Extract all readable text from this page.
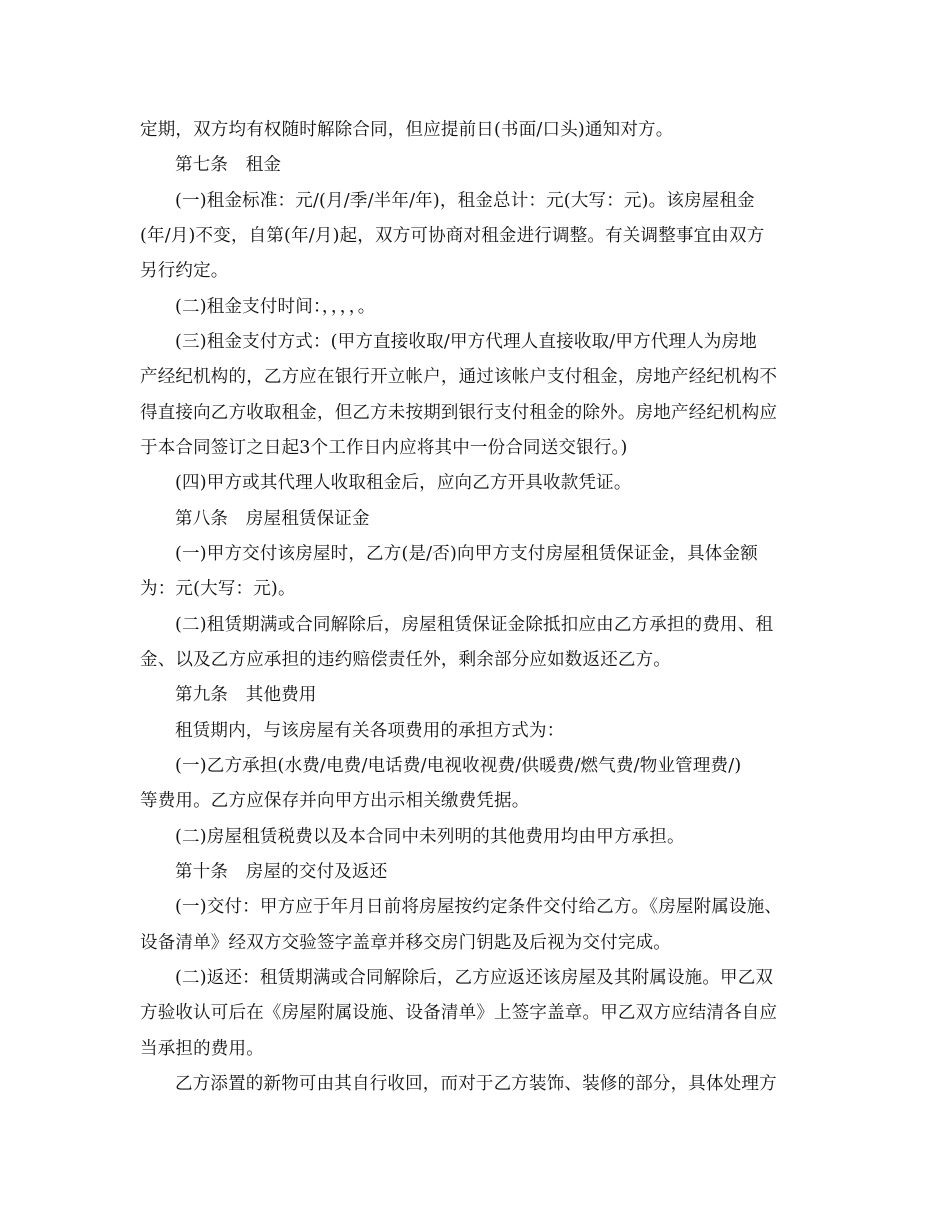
定期，双方均有权随时解除合同，但应提前日(书面/口头)通知对方。
第七条　租金
(一)租金标准：元/(月/季/半年/年)，租金总计：元(大写：元)。该房屋租金
(年/月)不变，自第(年/月)起，双方可协商对租金进行调整。有关调整事宜由双方
另行约定。
(二)租金支付时间：，，，，。
(三)租金支付方式：(甲方直接收取/甲方代理人直接收取/甲方代理人为房地
产经纪机构的，乙方应在银行开立帐户，通过该帐户支付租金，房地产经纪机构不
得直接向乙方收取租金，但乙方未按期到银行支付租金的除外。房地产经纪机构应
于本合同签订之日起3个工作日内应将其中一份合同送交银行。)
(四)甲方或其代理人收取租金后，应向乙方开具收款凭证。
第八条　房屋租赁保证金
(一)甲方交付该房屋时，乙方(是/否)向甲方支付房屋租赁保证金，具体金额
为：元(大写：元)。
(二)租赁期满或合同解除后，房屋租赁保证金除抵扣应由乙方承担的费用、租
金、以及乙方应承担的违约赔偿责任外，剩余部分应如数返还乙方。
第九条　其他费用
租赁期内，与该房屋有关各项费用的承担方式为：
(一)乙方承担(水费/电费/电话费/电视收视费/供暖费/燃气费/物业管理费/)
等费用。乙方应保存并向甲方出示相关缴费凭据。
(二)房屋租赁税费以及本合同中未列明的其他费用均由甲方承担。
第十条　房屋的交付及返还
(一)交付：甲方应于年月日前将房屋按约定条件交付给乙方。《房屋附属设施、
设备清单》经双方交验签字盖章并移交房门钥匙及后视为交付完成。
(二)返还：租赁期满或合同解除后，乙方应返还该房屋及其附属设施。甲乙双
方验收认可后在《房屋附属设施、设备清单》上签字盖章。甲乙双方应结清各自应
当承担的费用。
乙方添置的新物可由其自行收回，而对于乙方装饰、装修的部分，具体处理方
